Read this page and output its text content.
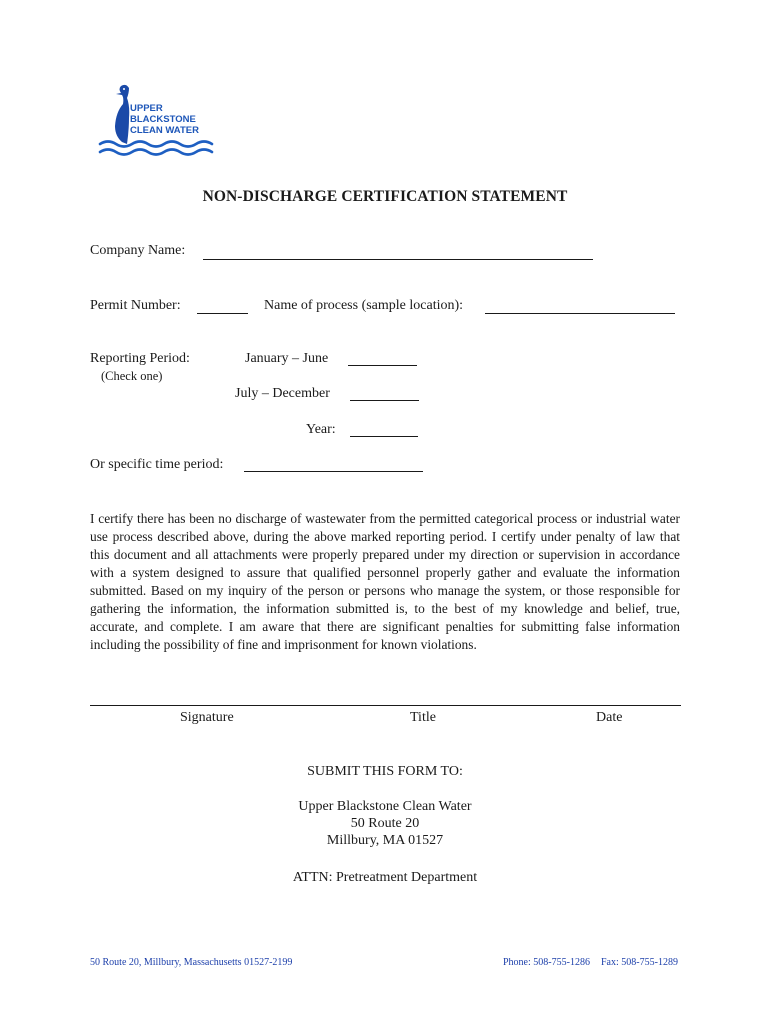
UPPER
BLACKSTONE
CLEAN WATER
NON-DISCHARGE CERTIFICATION STATEMENT
Company Name:
Permit Number:	Name of process (sample location):
Reporting Period:
(Check one)
January – June
July – December
Year:
Or specific time period:

I certify there has been no discharge of wastewater from the permitted categorical process or industrial water use process described above, during the above marked reporting period. I certify under penalty of law that this document and all attachments were properly prepared under my direction or supervision in accordance with a system designed to assure that qualified personnel properly gather and evaluate the information submitted. Based on my inquiry of the person or persons who manage the system, or those responsible for gathering the information, the information submitted is, to the best of my knowledge and belief, true, accurate, and complete. I am aware that there are significant penalties for submitting false information including the possibility of fine and imprisonment for known violations.

Signature	Title	Date
SUBMIT THIS FORM TO:
Upper Blackstone Clean Water
50 Route 20
Millbury, MA 01527
ATTN: Pretreatment Department
50 Route 20, Millbury, Massachusetts 01527-2199	Phone: 508-755-1286 Fax: 508-755-1289
